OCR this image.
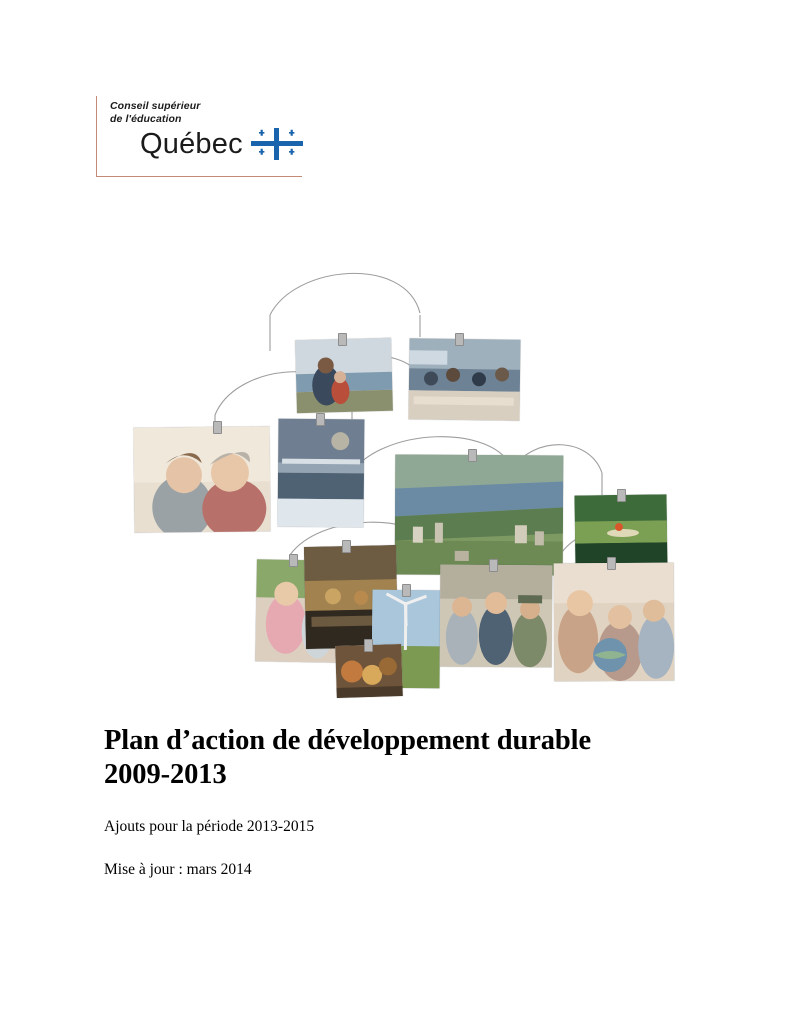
Conseil supérieur
de l'éducation
Québec
Plan d’action de développement durable
2009-2013

Ajouts pour la période 2013-2015

Mise à jour : mars 2014
